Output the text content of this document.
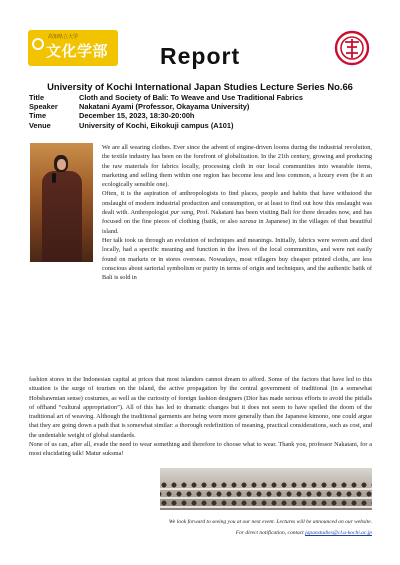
高知県立大学
文化学部 Report
University of Kochi International Japan Studies Lecture Series No.66
Title	Cloth and Society of Bali: To Weave and Use Traditional Fabrics
Speaker	Nakatani Ayami (Professor, Okayama University)
Time	December 15, 2023, 18:30-20:00h
Venue	University of Kochi, Eikokuji campus (A101)

We are all wearing clothes. Ever since the advent of engine-driven looms during the industrial revolution, the textile industry has been on the forefront of globalization. In the 21th century, growing and producing the raw materials for fabrics locally, processing cloth in our local communities into wearable items, marketing and selling them within one region has become less and less common, a luxury even (be it an ecologically sensible one).

Often, it is the aspiration of anthropologists to find places, people and habits that have withstood the onslaught of modern industrial production and consumption, or at least to find out how this onslaught was dealt with. Anthropologist pur sang, Prof. Nakatani has been visiting Bali for three decades now, and has focused on the fine pieces of clothing (batik, or also sarasa in Japanese) in the villages of that beautiful island.

Her talk took us through an evolution of techniques and meanings. Initially, fabrics were woven and died locally, had a specific meaning and function in the lives of the local communities, and were not easily found on markets or in stores overseas. Nowadays, most villagers buy cheaper printed cloths, are less conscious about sartorial symbolism or purity in terms of origin and techniques, and the authentic batik of Bali is sold in

fashion stores in the Indonesian capital at prices that most islanders cannot dream to afford. Some of the factors that have led to this situation is the surge of tourism on the island, the active propagation by the central government of traditional (in a somewhat Hobsbawmian sense) costumes, as well as the curiosity of foreign fashion designers (Dior has made serious efforts to avoid the pitfalls of offhand “cultural appropriation”). All of this has led to dramatic changes but it does not seem to have spelled the doom of the traditional art of weaving. Although the traditional garments are being worn more generally than the Japanese kimono, one could argue that they are going down a path that is somewhat similar: a thorough redefinition of meaning, practical considerations, such as cost, and the undeniable weight of global standards.

None of us can, after all, evade the need to wear something and therefore to choose what to wear. Thank you, professor Nakatani, for a most elucidating talk! Matur suksma!

We look forward to seeing you at our next event. Lectures will be announced on our website.
For direct notification, contact japanstudies@cl.u-kochi.ac.jp
